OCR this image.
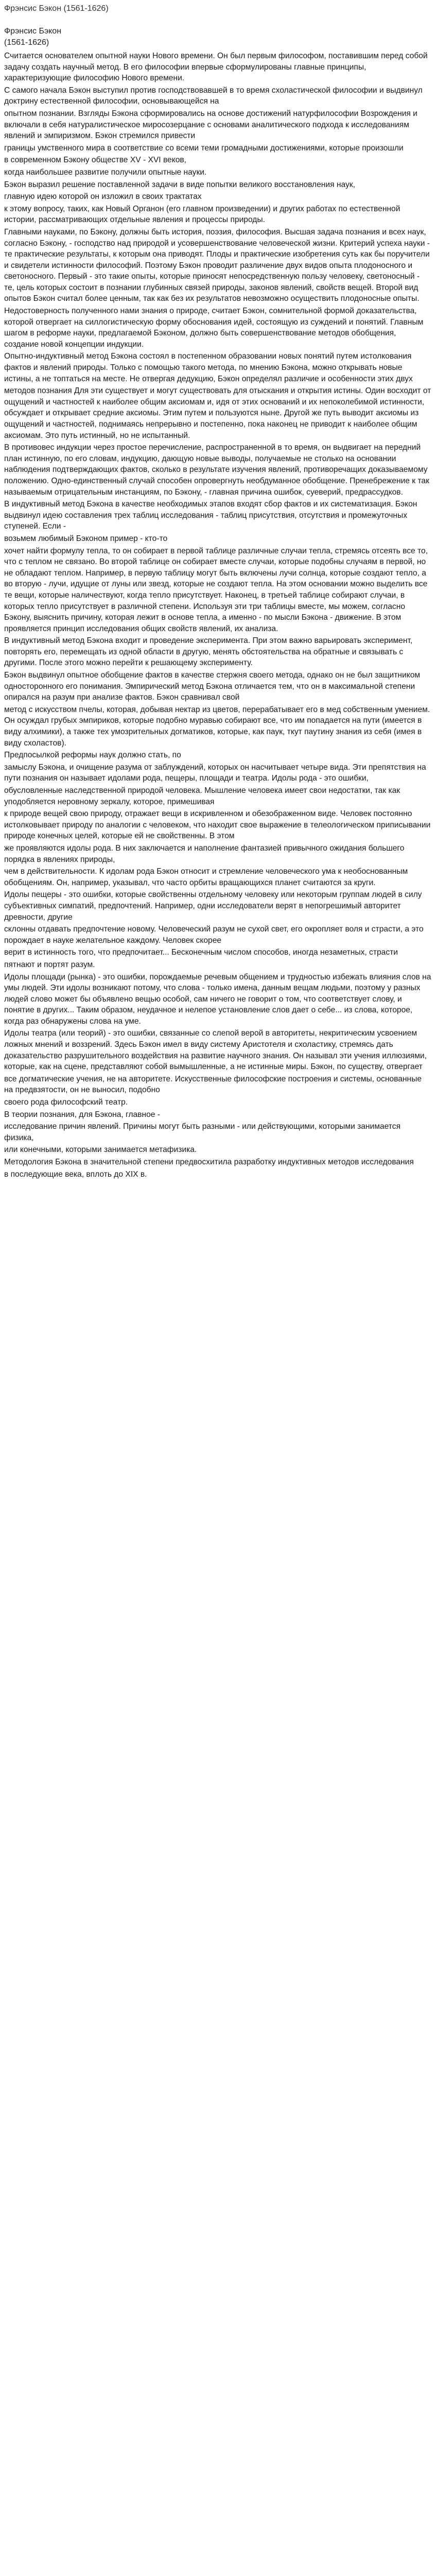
Фрэнсис Бэкон (1561-1626)
Фрэнсис Бэкон
(1561-1626)

Считается основателем опытной науки Нового времени. Он был первым философом, поставившим перед собой задачу создать научный метод. В его философии впервые сформулированы главные принципы, характеризующие философию Нового времени.

С самого начала Бэкон выступил против господствовавшей в то время схоластической философии и выдвинул доктрину естественной философии, основывающейся на

опытном познании. Взгляды Бэкона сформировались на основе достижений натурфилософии Возрождения и включали в себя натуралистическое миросозерцание с основами аналитического подхода к исследованиям явлений и эмпиризмом. Бэкон стремился привести

границы умственного мира в соответствие со всеми теми громадными достижениями, которые произошли

в современном Бэкону обществе XV - XVI веков,

когда наибольшее развитие получили опытные науки.

Бэкон выразил решение поставленной задачи в виде попытки великого восстановления наук,

главную идею которой он изложил в своих трактатах

к этому вопросу, таких, как Новый Органон (его главном произведении) и других работах по естественной истории, рассматривающих отдельные явления и процессы природы.

Главными науками, по Бэкону, должны быть история, поэзия, философия. Высшая задача познания и всех наук, согласно Бэкону, - господство над природой и усовершенствование человеческой жизни. Критерий успеха науки - те практические результаты, к которым она приводят. Плоды и практические изобретения суть как бы поручители и свидетели истинности философий. Поэтому Бэкон проводит различение двух видов опыта плодоносного и светоносного. Первый - это такие опыты, которые приносят непосредственную пользу человеку, светоносный - те, цель которых состоит в познании глубинных связей природы, законов явлений, свойств вещей. Второй вид опытов Бэкон считал более ценным, так как без их результатов невозможно осуществить плодоносные опыты.

Недостоверность полученного нами знания о природе, считает Бэкон, сомнительной формой доказательства, которой отвергает на силлогистическую форму обоснования идей, состоящую из суждений и понятий. Главным шагом в реформе науки, предлагаемой Бэконом, должно быть совершенствование методов обобщения, создание новой концепции индукции.

Опытно-индуктивный метод Бэкона состоял в постепенном образовании новых понятий путем истолкования фактов и явлений природы. Только с помощью такого метода, по мнению Бэкона, можно открывать новые истины, а не топтаться на месте. Не отвергая дедукцию, Бэкон определял различие и особенности этих двух

методов познания Для эти существует и могут существовать для отыскания и открытия истины. Один восходит от ощущений и частностей к наиболее общим аксиомам и, идя от этих оснований и их непоколебимой истинности, обсуждает и открывает средние аксиомы. Этим путем и пользуются ныне. Другой же путь выводит аксиомы из ощущений и частностей, поднимаясь непрерывно и постепенно, пока наконец не приводит к наиболее общим аксиомам. Это путь истинный, но не испытанный.

В противовес индукции через простое перечисление, распространенной в то время, он выдвигает на передний план истинную, по его словам, индукцию, дающую новые выводы, получаемые не столько на основании наблюдения подтверждающих фактов, сколько в результате изучения явлений, противоречащих доказываемому положению. Одно-единственный случай способен опровергнуть необдуманное обобщение. Пренебрежение к так называемым отрицательным инстанциям, по Бэкону, - главная причина ошибок, суеверий, предрассудков.

В индуктивный метод Бэкона в качестве необходимых этапов входят сбор фактов и их систематизация. Бэкон выдвинул идею составления трех таблиц исследования - таблиц присутствия, отсутствия и промежуточных ступеней. Если -

возьмем любимый Бэконом пример - кто-то

хочет найти формулу тепла, то он собирает в первой таблице различные случаи тепла, стремясь отсеять все то, что с теплом не связано. Во второй таблице он собирает вместе случаи, которые подобны случаям в первой, но не обладают теплом. Например, в первую таблицу могут быть включены лучи солнца, которые создают тепло, а во вторую - лучи, идущие от луны или звезд, которые не создают тепла. На этом основании можно выделить все те вещи, которые наличествуют, когда тепло присутствует. Наконец, в третьей таблице собирают случаи, в которых тепло присутствует в различной степени. Используя эти три таблицы вместе, мы можем, согласно Бэкону, выяснить причину, которая лежит в основе тепла, а именно - по мысли Бэкона - движение. В этом проявляется принцип исследования общих свойств явлений, их анализа.

В индуктивный метод Бэкона входит и проведение эксперимента. При этом важно варьировать эксперимент, повторять его, перемещать из одной области в другую, менять обстоятельства на обратные и связывать с другими. После этого можно перейти к решающему эксперименту.

Бэкон выдвинул опытное обобщение фактов в качестве стержня своего метода, однако он не был защитником односторонного его понимания. Эмпирический метод Бэкона отличается тем, что он в максимальной степени опирался на разум при анализе фактов. Бэкон сравнивал свой

метод с искусством пчелы, которая, добывая нектар из цветов, перерабатывает его в мед собственным умением. Он осуждал грубых эмпириков, которые подобно муравью собирают все, что им попадается на пути (имеется в виду алхимики), а также тех умозрительных догматиков, которые, как паук, ткут паутину знания из себя (имея в виду схоластов).

Предпосылкой реформы наук должно стать, по

замыслу Бэкона, и очищение разума от заблуждений, которых он насчитывает четыре вида. Эти препятствия на пути познания он называет идолами рода, пещеры, площади и театра. Идолы рода - это ошибки,

обусловленные наследственной природой человека. Мышление человека имеет свои недостатки, так как уподобляется неровному зеркалу, которое, примешивая

к природе вещей свою природу, отражает вещи в искривленном и обезображенном виде. Человек постоянно истолковывает природу по аналогии с человеком, что находит свое выражение в телеологическом приписывании природе конечных целей, которые ей не свойственны. В этом

же проявляются идолы рода. В них заключается и наполнение фантазией привычного ожидания большего порядка в явлениях природы,

чем в действительности. К идолам рода Бэкон относит и стремление человеческого ума к необоснованным обобщениям. Он, например, указывал, что часто орбиты вращающихся планет считаются за круги.

Идолы пещеры - это ошибки, которые свойственны отдельному человеку или некоторым группам людей в силу субъективных симпатий, предпочтений. Например, одни исследователи верят в непогрешимый авторитет древности, другие

склонны отдавать предпочтение новому. Человеческий разум не сухой свет, его окропляет воля и страсти, а это порождает в науке желательное каждому. Человек скорее

верит в истинность того, что предпочитает... Бесконечным числом способов, иногда незаметных, страсти

пятнают и портят разум.

Идолы площади (рынка) - это ошибки, порождаемые речевым общением и трудностью избежать влияния слов на умы людей. Эти идолы возникают потому, что слова - только имена, данным вещам людьми, поэтому у разных людей слово может бы объявлено вещью особой, сам ничего не говорит о том, что соответствует слову, и понятие в других... Таким образом, неудачное и нелепое установление слов дает о себе... из слова, которое, когда раз обнаружены слова на уме.

Идолы театра (или теорий) - это ошибки, связанные со слепой верой в авторитеты, некритическим усвоением ложных мнений и воззрений. Здесь Бэкон имел в виду систему Аристотеля и схоластику, стремясь дать доказательство разрушительного воздействия на развитие научного знания. Он называл эти учения иллюзиями, которые, как на сцене, представляют собой вымышленные, а не истинные миры. Бэкон, по существу, отвергает

все догматические учения, не на авторитете. Искусственные философские построения и системы, основанные на предвзятости, он не выносил, подобно

своего рода философский театр.

В теории познания, для Бэкона, главное -

исследование причин явлений. Причины могут быть разными - или действующими, которыми занимается физика,

или конечными, которыми занимается метафизика.

Методология Бэкона в значительной степени предвосхитила разработку индуктивных методов исследования

в последующие века, вплоть до XIX в.
